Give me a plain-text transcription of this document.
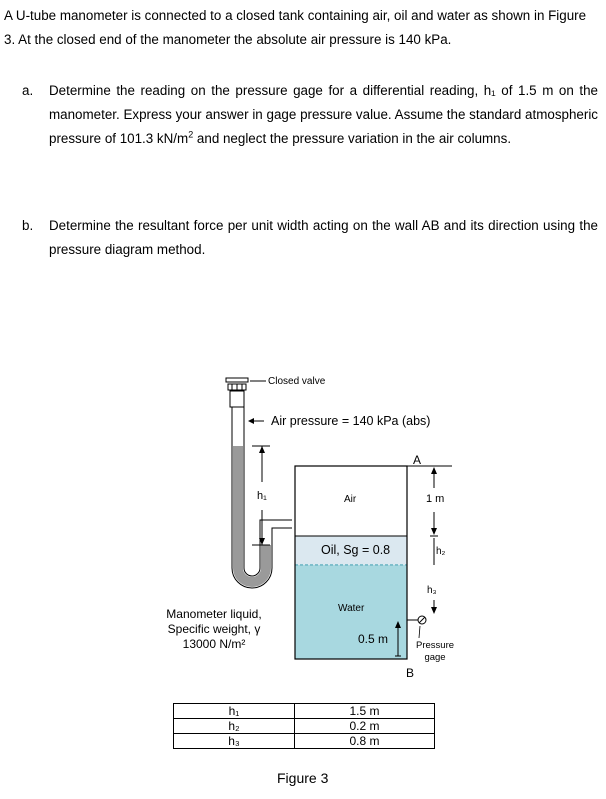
A U-tube manometer is connected to a closed tank containing air, oil and water as shown in Figure 3. At the closed end of the manometer the absolute air pressure is 140 kPa.
a. Determine the reading on the pressure gage for a differential reading, h₁ of 1.5 m on the manometer. Express your answer in gage pressure value. Assume the standard atmospheric pressure of 101.3 $kN/m^2$ and neglect the pressure variation in the air columns.
b. Determine the resultant force per unit width acting on the wall AB and its direction using the pressure diagram method.
Closed valve
Air pressure = 140 kPa (abs)
h₁	Air
Oil, Sg = 0.8
Water
0.5 m
A
1 m
h₂
h₃
Pressure
gage
B
Manometer liquid,
Specific weight, γ
13000 N/m²
h₁	1.5 m
h₂	0.2 m
h₃	0.8 m
Figure 3
